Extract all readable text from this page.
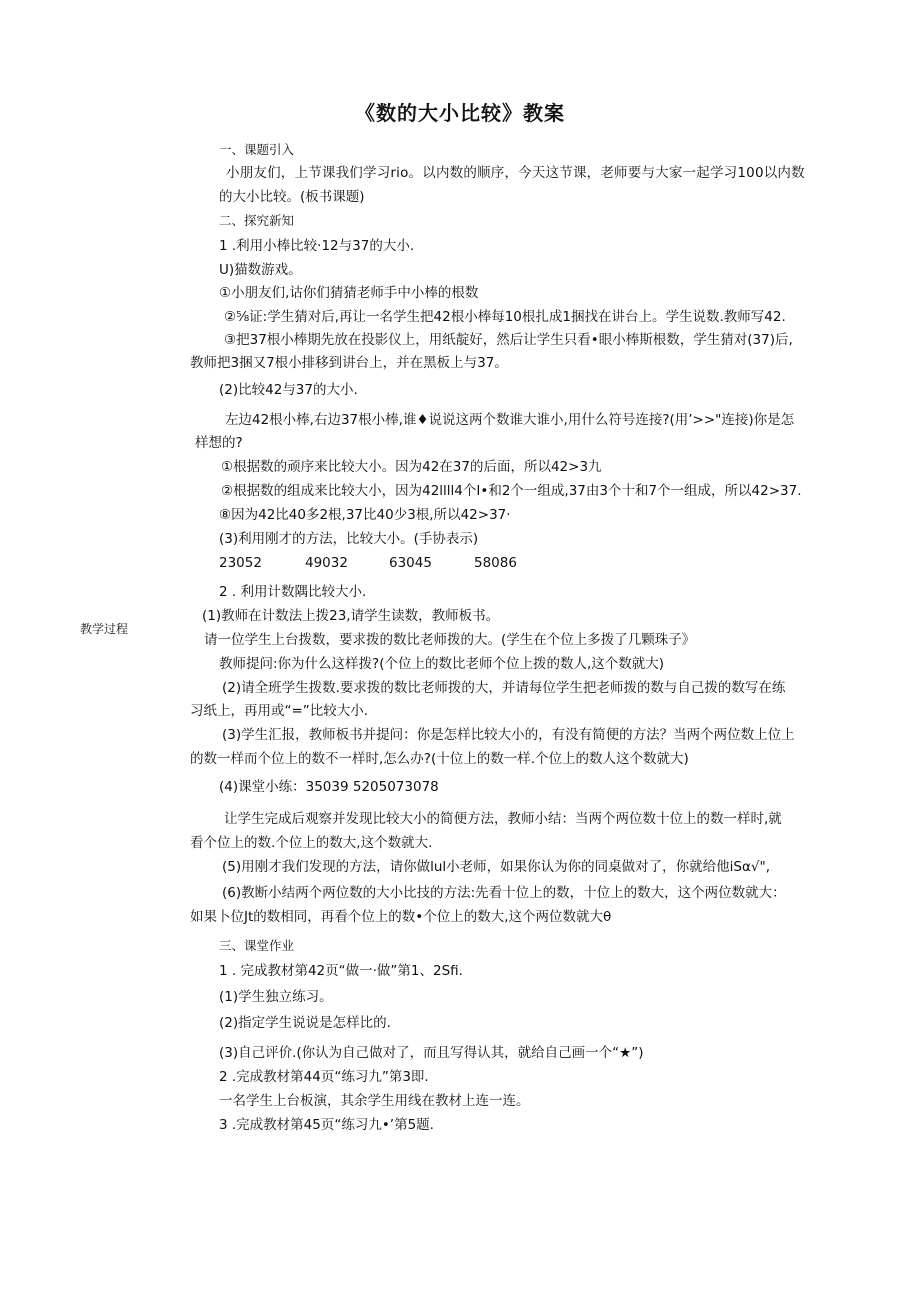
《数的大小比较》教案
教学过程
一、课题引入
小朋友们，上节课我们学习rio。以内数的顺序，今天这节课，老师要与大家一起学习100以内数
的大小比较。(板书课题)
二、探究新知
1 .利用小棒比较·12与37的大小.
U)猫数游戏。
①小朋友们,诂你们猜猜老师手中小棒的根数
②⅝证:学生猜对后,再让一名学生把42根小棒每10根扎成1捆找在讲台上。学生说数.教师写42.
③把37根小棒期先放在投影仪上，用纸靛好，然后让学生只看•眼小棒斯根数，学生猜对(37)后,
教师把3捆又7根小排移到讲台上，并在黑板上与37。
(2)比较42与37的大小.
左边42根小棒,右边37根小棒,谁♦说说这两个数谁大谁小,用什么符号连接?(用’>>"连接)你是怎
样想的?
①根据数的顽序来比较大小。因为42在37的后面，所以42>3九
②根据数的组成来比较大小，因为42llll4个I•和2个一组成,37由3个十和7个一组成，所以42>37.
⑧因为42比40多2根,37比40少3根,所以42>37·
(3)利用刚才的方法，比较大小。(手协表示)
23052	49032	63045	58086
2 . 利用计数隅比较大小.
(1)教师在计数法上拨23,请学生读数，教师板书。
请一位学生上台拨数，要求拨的数比老师拨的大。(学生在个位上多拨了几颗珠子》
教师提问:你为什么这样拨?(个位上的数比老师个位上拨的数人,这个数就大)
(2)请全班学生拨数.要求拨的数比老师拨的大，并请每位学生把老师拨的数与自己拨的数写在练
习纸上，再用或“=”比较大小.
(3)学生汇报，教师板书并提问：你是怎样比较大小的，有没有简便的方法？当两个两位数上位上
的数一样而个位上的数不一样时,怎么办?(十位上的数一样.个位上的数人这个数就大)
(4)课堂小练：35039 5205073078
让学生完成后观察并发现比较大小的简便方法，教师小结：当两个两位数十位上的数一样时,就
看个位上的数.个位上的数大,这个数就大.
(5)用刚才我们发现的方法，请你做lul小老师，如果你认为你的同桌做对了，你就给他iSα√",
(6)教断小结两个两位数的大小比技的方法:先看十位上的数，十位上的数大，这个两位数就大：
如果卜位Jt的数相同，再看个位上的数•个位上的数大,这个两位数就大θ
三、课堂作业
1 . 完成教材第42页“做一·做”第1、2Sfi.
(1)学生独立练习。
(2)指定学生说说是怎样比的.
(3)自己评价.(你认为自己做对了，而且写得认其，就给自己画一个“★”)
2 .完成教材第44页“练习九”第3即.
一名学生上台板演，其余学生用线在教材上连一连。
3 .完成教材第45页“练习九•’第5题.
